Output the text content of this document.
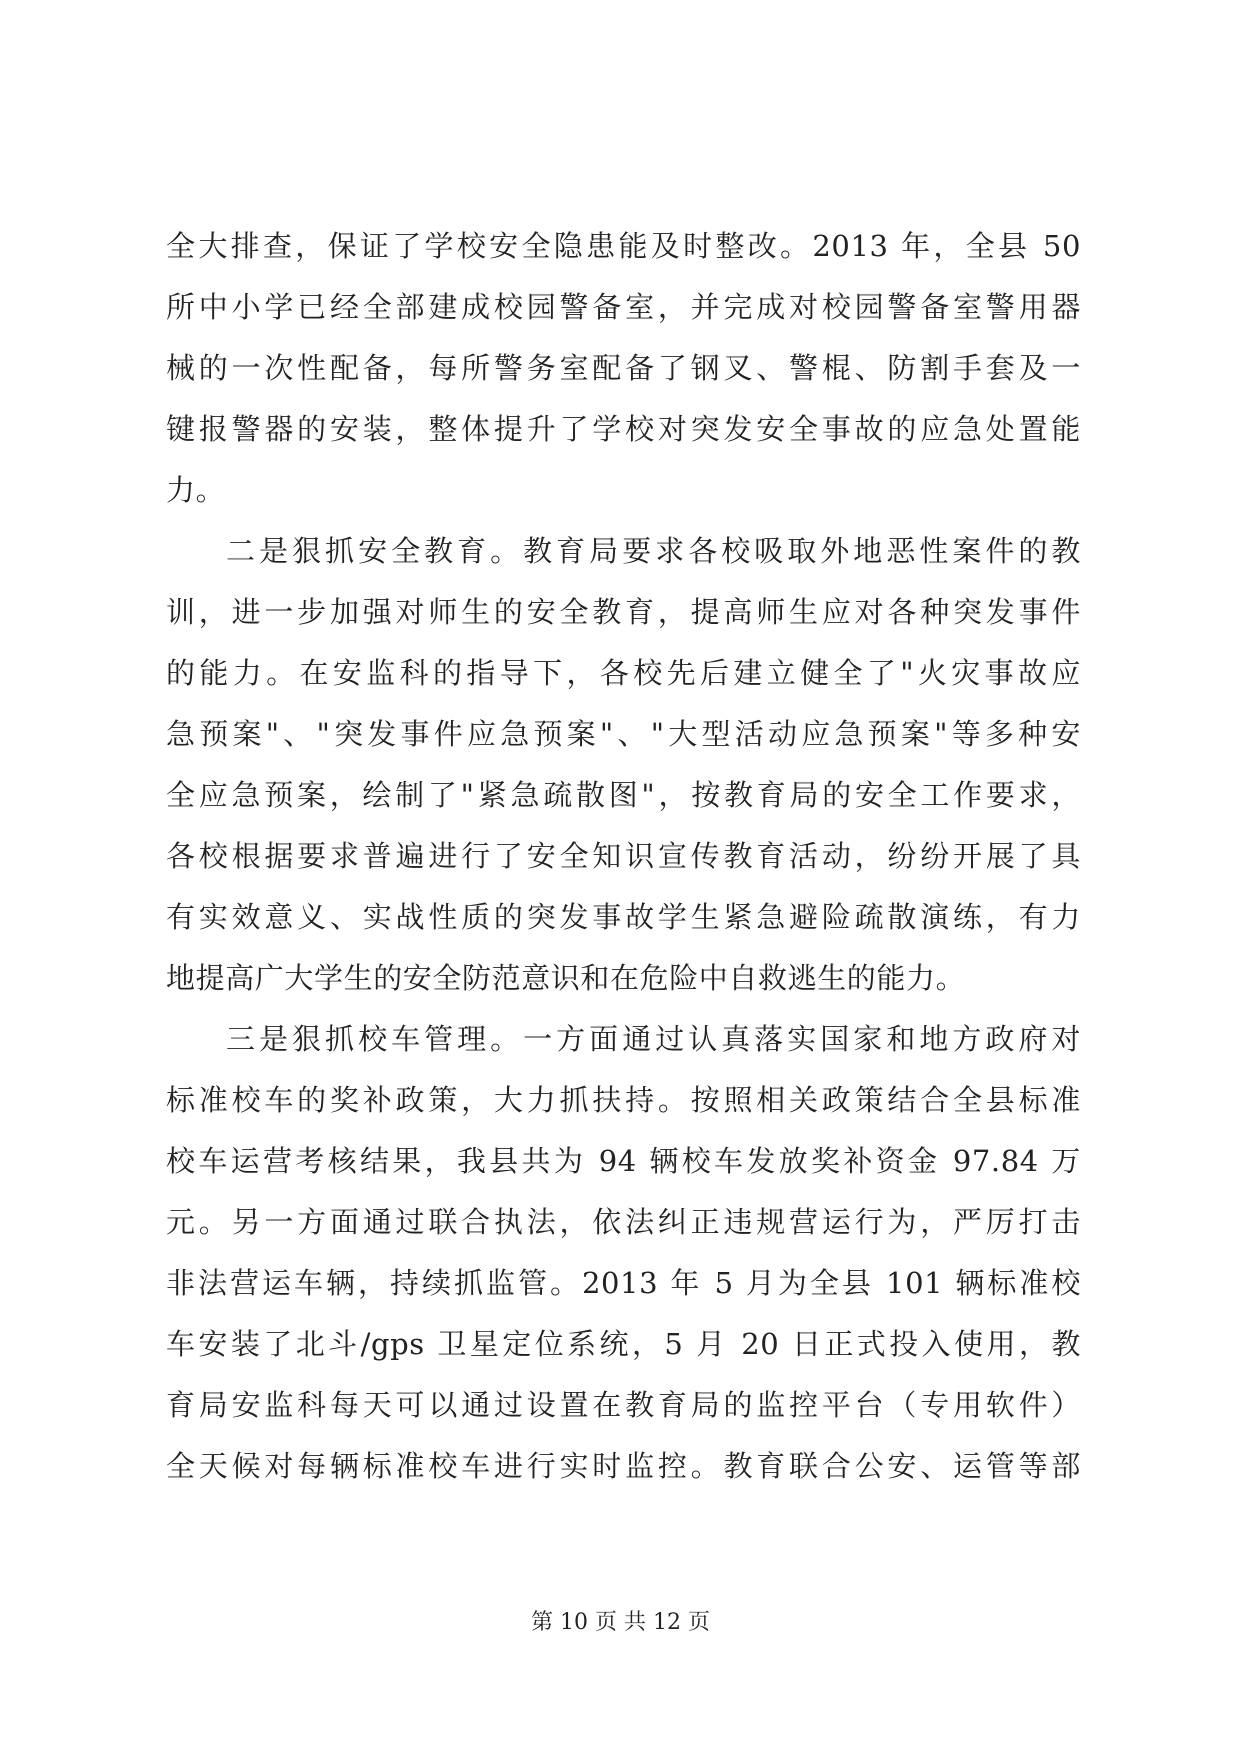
全大排查，保证了学校安全隐患能及时整改。2013 年，全县 50
所中小学已经全部建成校园警备室，并完成对校园警备室警用器
械的一次性配备，每所警务室配备了钢叉、警棍、防割手套及一
键报警器的安装，整体提升了学校对突发安全事故的应急处置能
力。
二是狠抓安全教育。教育局要求各校吸取外地恶性案件的教
训，进一步加强对师生的安全教育，提高师生应对各种突发事件
的能力。在安监科的指导下，各校先后建立健全了"火灾事故应
急预案"、"突发事件应急预案"、"大型活动应急预案"等多种安
全应急预案，绘制了"紧急疏散图"，按教育局的安全工作要求，
各校根据要求普遍进行了安全知识宣传教育活动，纷纷开展了具
有实效意义、实战性质的突发事故学生紧急避险疏散演练，有力
地提高广大学生的安全防范意识和在危险中自救逃生的能力。
三是狠抓校车管理。一方面通过认真落实国家和地方政府对
标准校车的奖补政策，大力抓扶持。按照相关政策结合全县标准
校车运营考核结果，我县共为 94 辆校车发放奖补资金 97.84 万
元。另一方面通过联合执法，依法纠正违规营运行为，严厉打击
非法营运车辆，持续抓监管。2013 年 5 月为全县 101 辆标准校
车安装了北斗/gps 卫星定位系统，5 月 20 日正式投入使用，教
育局安监科每天可以通过设置在教育局的监控平台（专用软件）
全天候对每辆标准校车进行实时监控。教育联合公安、运管等部
第 10 页 共 12 页
